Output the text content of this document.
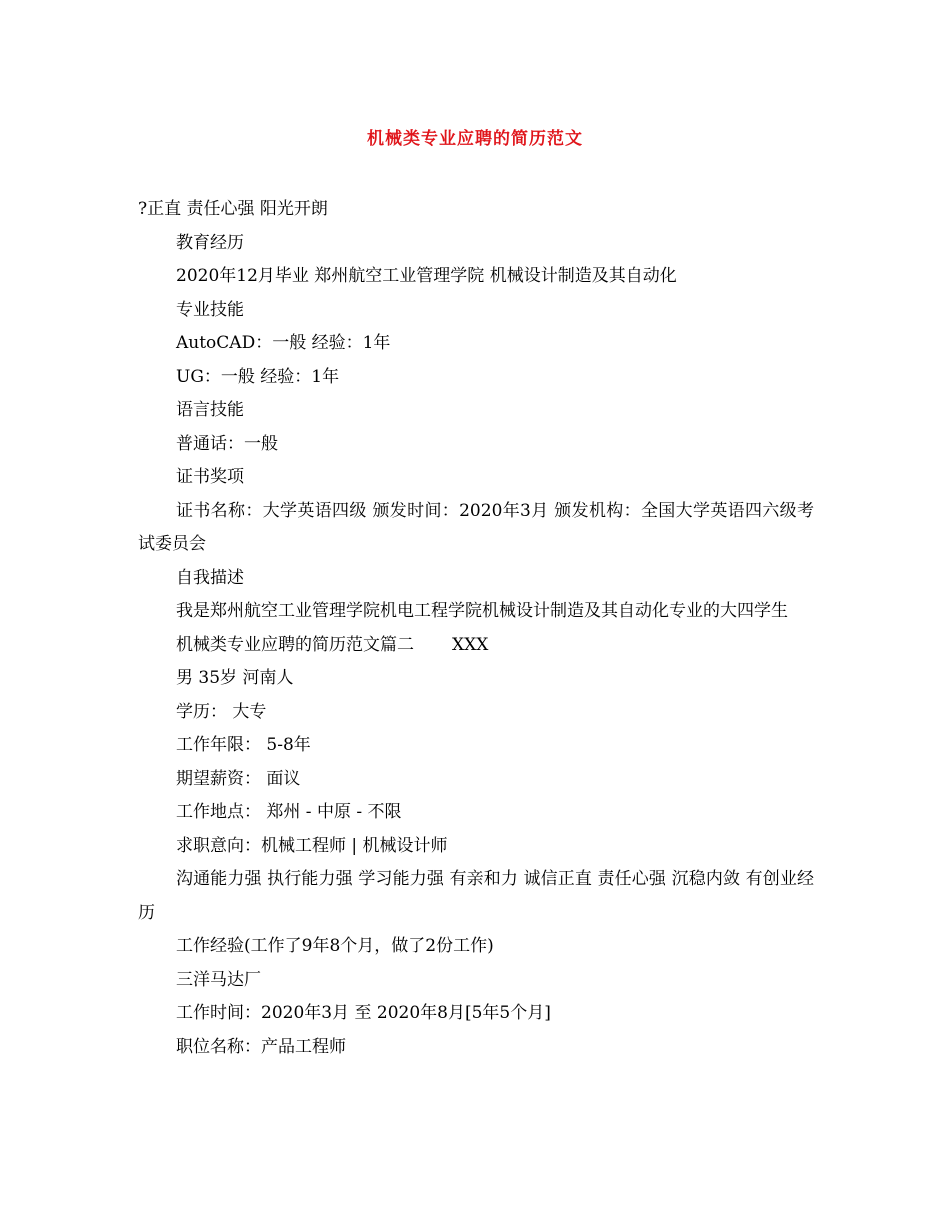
机械类专业应聘的简历范文
?正直 责任心强 阳光开朗
教育经历
2020年12月毕业 郑州航空工业管理学院 机械设计制造及其自动化
专业技能
AutoCAD：一般 经验：1年
UG：一般 经验：1年
语言技能
普通话：一般
证书奖项
证书名称：大学英语四级 颁发时间：2020年3月 颁发机构：全国大学英语四六级考试委员会
自我描述
我是郑州航空工业管理学院机电工程学院机械设计制造及其自动化专业的大四学生
机械类专业应聘的简历范文篇二 XXX
男 35岁 河南人
学历： 大专
工作年限： 5-8年
期望薪资： 面议
工作地点： 郑州 - 中原 - 不限
求职意向：机械工程师 | 机械设计师
沟通能力强 执行能力强 学习能力强 有亲和力 诚信正直 责任心强 沉稳内敛 有创业经历
工作经验(工作了9年8个月，做了2份工作)
三洋马达厂
工作时间：2020年3月 至 2020年8月[5年5个月]
职位名称：产品工程师
